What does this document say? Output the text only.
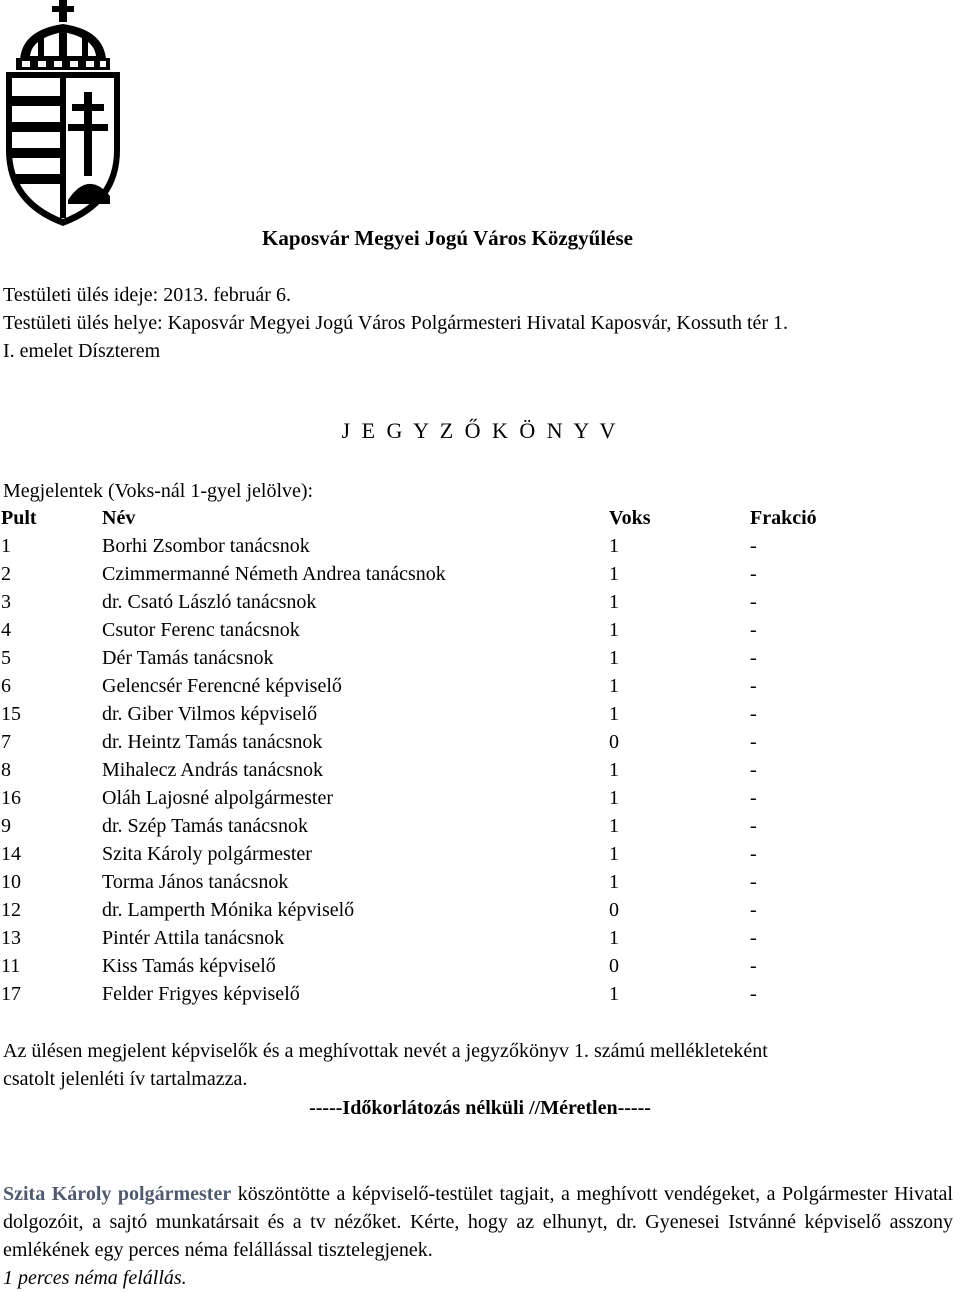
Kaposvár Megyei Jogú Város Közgyűlése
Testületi ülés ideje: 2013. február 6.
Testületi ülés helye: Kaposvár Megyei Jogú Város Polgármesteri Hivatal Kaposvár, Kossuth tér 1.
I. emelet Díszterem
J E G Y Z Ő K Ö N Y V
Megjelentek (Voks-nál 1-gyel jelölve):
Pult	Név	Voks	Frakció
1	Borhi Zsombor tanácsnok	1	-
2	Czimmermanné Németh Andrea tanácsnok	1	-
3	dr. Csató László tanácsnok	1	-
4	Csutor Ferenc tanácsnok	1	-
5	Dér Tamás tanácsnok	1	-
6	Gelencsér Ferencné képviselő	1	-
15	dr. Giber Vilmos képviselő	1	-
7	dr. Heintz Tamás tanácsnok	0	-
8	Mihalecz András tanácsnok	1	-
16	Oláh Lajosné alpolgármester	1	-
9	dr. Szép Tamás tanácsnok	1	-
14	Szita Károly polgármester	1	-
10	Torma János tanácsnok	1	-
12	dr. Lamperth Mónika képviselő	0	-
13	Pintér Attila tanácsnok	1	-
11	Kiss Tamás képviselő	0	-
17	Felder Frigyes képviselő	1	-
Az ülésen megjelent képviselők és a meghívottak nevét a jegyzőkönyv 1. számú mellékleteként
csatolt jelenléti ív tartalmazza.
-----Időkorlátozás nélküli //Méretlen-----
Szita Károly polgármester köszöntötte a képviselő-testület tagjait, a meghívott vendégeket, a Polgármester Hivatal dolgozóit, a sajtó munkatársait és a tv nézőket. Kérte, hogy az elhunyt, dr. Gyenesei Istvánné képviselő asszony emlékének egy perces néma felállással tisztelegjenek.
1 perces néma felállás.
